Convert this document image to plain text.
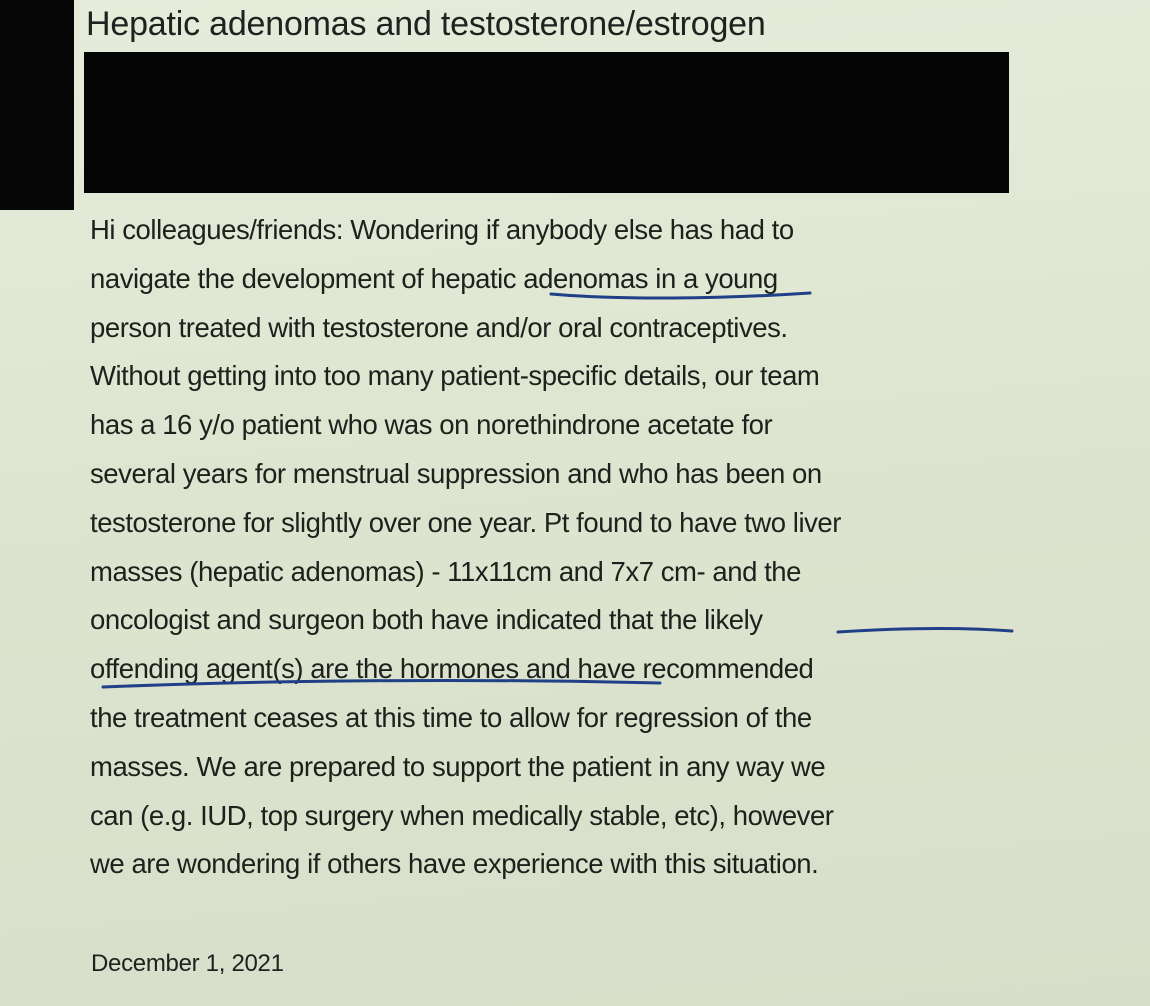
Hepatic adenomas and testosterone/estrogen
Hi colleagues/friends: Wondering if anybody else has had to
navigate the development of hepatic adenomas in a young
person treated with testosterone and/or oral contraceptives.
Without getting into too many patient-specific details, our team
has a 16 y/o patient who was on norethindrone acetate for
several years for menstrual suppression and who has been on
testosterone for slightly over one year. Pt found to have two liver
masses (hepatic adenomas) - 11x11cm and 7x7 cm- and the
oncologist and surgeon both have indicated that the likely
offending agent(s) are the hormones and have recommended
the treatment ceases at this time to allow for regression of the
masses. We are prepared to support the patient in any way we
can (e.g. IUD, top surgery when medically stable, etc), however
we are wondering if others have experience with this situation.
December 1, 2021
